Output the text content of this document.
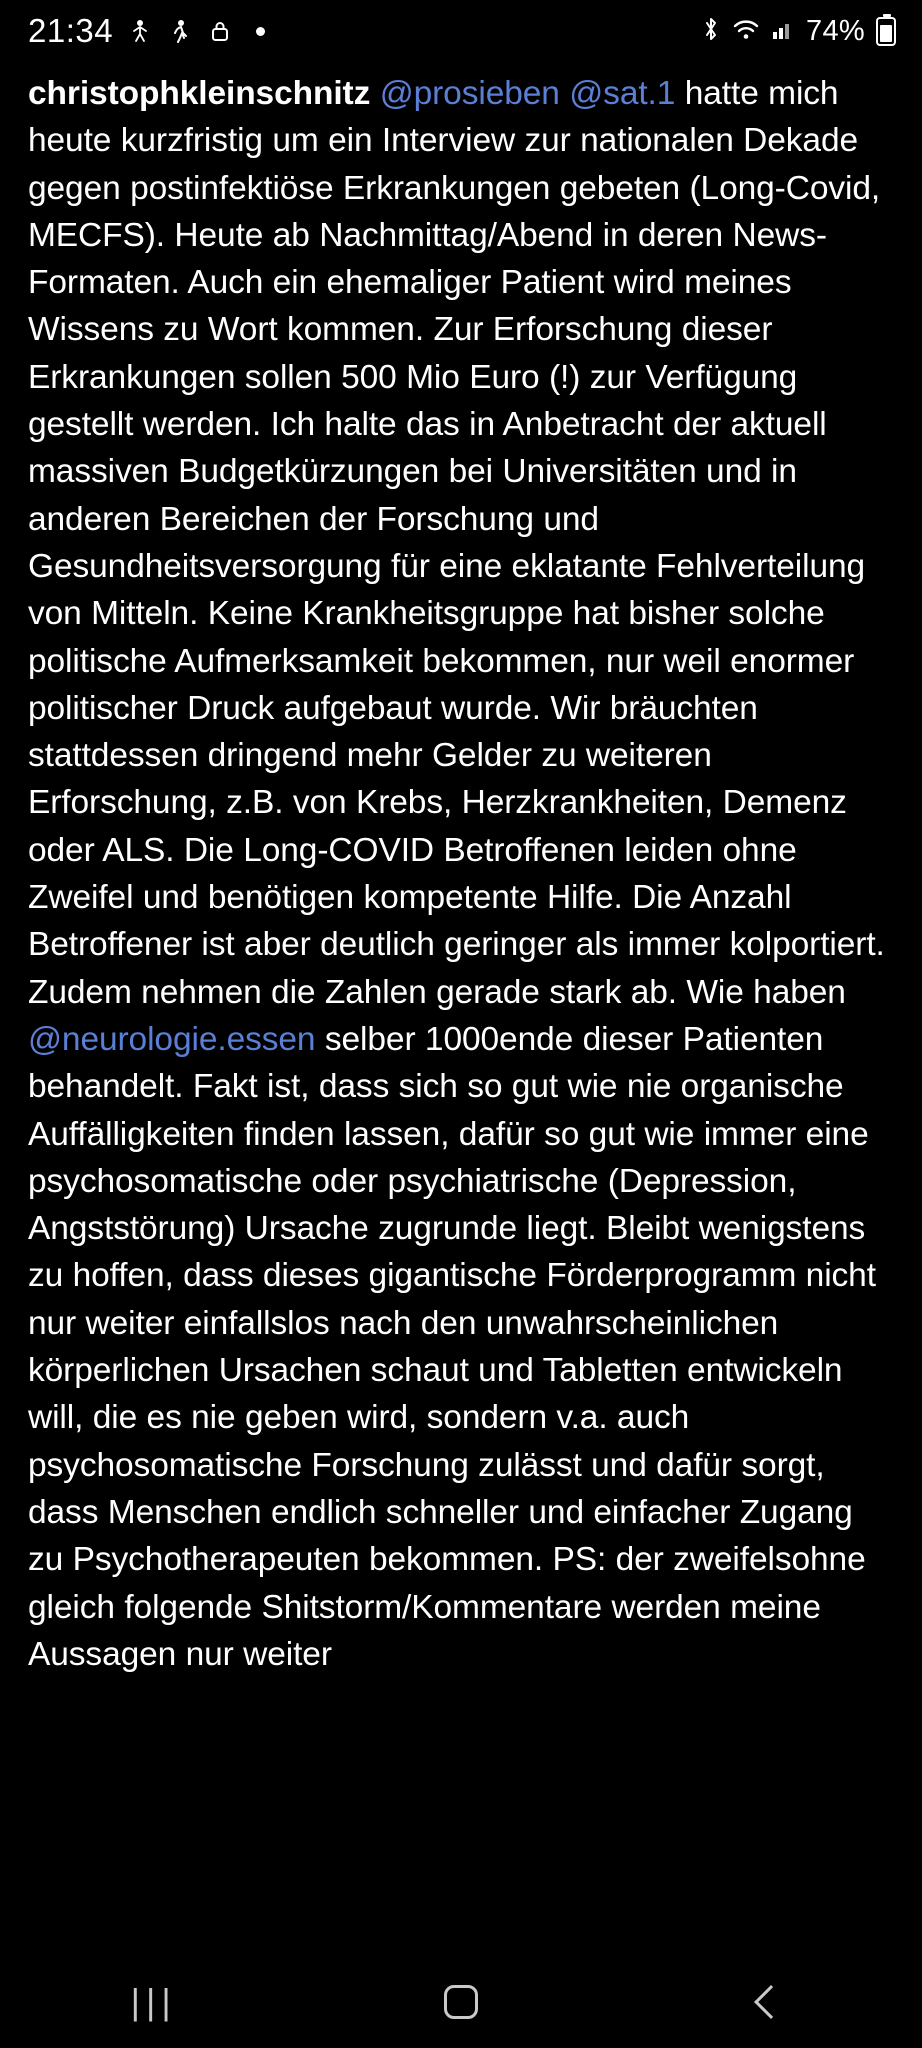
21:34	74%

christophkleinschnitz @prosieben @sat.1 hatte mich heute kurzfristig um ein Interview zur nationalen Dekade gegen postinfektiöse Erkrankungen gebeten (Long-Covid, MECFS). Heute ab Nachmittag/Abend in deren News-Formaten. Auch ein ehemaliger Patient wird meines Wissens zu Wort kommen. Zur Erforschung dieser Erkrankungen sollen 500 Mio Euro (!) zur Verfügung gestellt werden. Ich halte das in Anbetracht der aktuell massiven Budgetkürzungen bei Universitäten und in anderen Bereichen der Forschung und Gesundheitsversorgung für eine eklatante Fehlverteilung von Mitteln. Keine Krankheitsgruppe hat bisher solche politische Aufmerksamkeit bekommen, nur weil enormer politischer Druck aufgebaut wurde. Wir bräuchten stattdessen dringend mehr Gelder zu weiteren Erforschung, z.B. von Krebs, Herzkrankheiten, Demenz oder ALS. Die Long-COVID Betroffenen leiden ohne Zweifel und benötigen kompetente Hilfe. Die Anzahl Betroffener ist aber deutlich geringer als immer kolportiert. Zudem nehmen die Zahlen gerade stark ab. Wie haben @neurologie.essen selber 1000ende dieser Patienten behandelt. Fakt ist, dass sich so gut wie nie organische Auffälligkeiten finden lassen, dafür so gut wie immer eine psychosomatische oder psychiatrische (Depression, Angststörung) Ursache zugrunde liegt. Bleibt wenigstens zu hoffen, dass dieses gigantische Förderprogramm nicht nur weiter einfallslos nach den unwahrscheinlichen körperlichen Ursachen schaut und Tabletten entwickeln will, die es nie geben wird, sondern v.a. auch psychosomatische Forschung zulässt und dafür sorgt, dass Menschen endlich schneller und einfacher Zugang zu Psychotherapeuten bekommen. PS: der zweifelsohne gleich folgende Shitstorm/Kommentare werden meine Aussagen nur weiter

|||
